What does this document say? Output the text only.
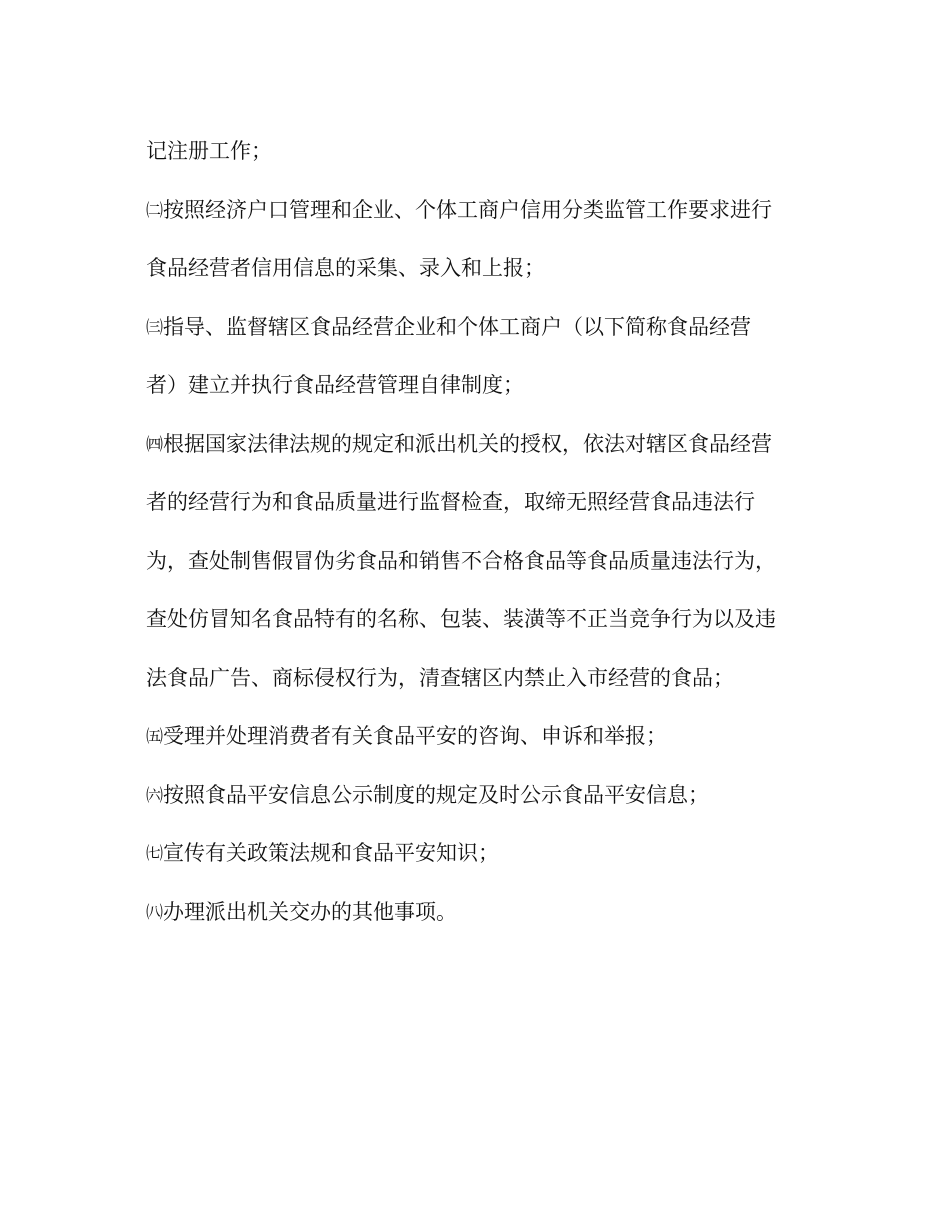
记注册工作；
㈡按照经济户口管理和企业、个体工商户信用分类监管工作要求进行
食品经营者信用信息的采集、录入和上报；
㈢指导、监督辖区食品经营企业和个体工商户（以下简称食品经营
者）建立并执行食品经营管理自律制度；
㈣根据国家法律法规的规定和派出机关的授权，依法对辖区食品经营
者的经营行为和食品质量进行监督检查，取缔无照经营食品违法行
为，查处制售假冒伪劣食品和销售不合格食品等食品质量违法行为，
查处仿冒知名食品特有的名称、包装、装潢等不正当竞争行为以及违
法食品广告、商标侵权行为，清查辖区内禁止入市经营的食品；
㈤受理并处理消费者有关食品平安的咨询、申诉和举报；
㈥按照食品平安信息公示制度的规定及时公示食品平安信息；
㈦宣传有关政策法规和食品平安知识；
㈧办理派出机关交办的其他事项。
